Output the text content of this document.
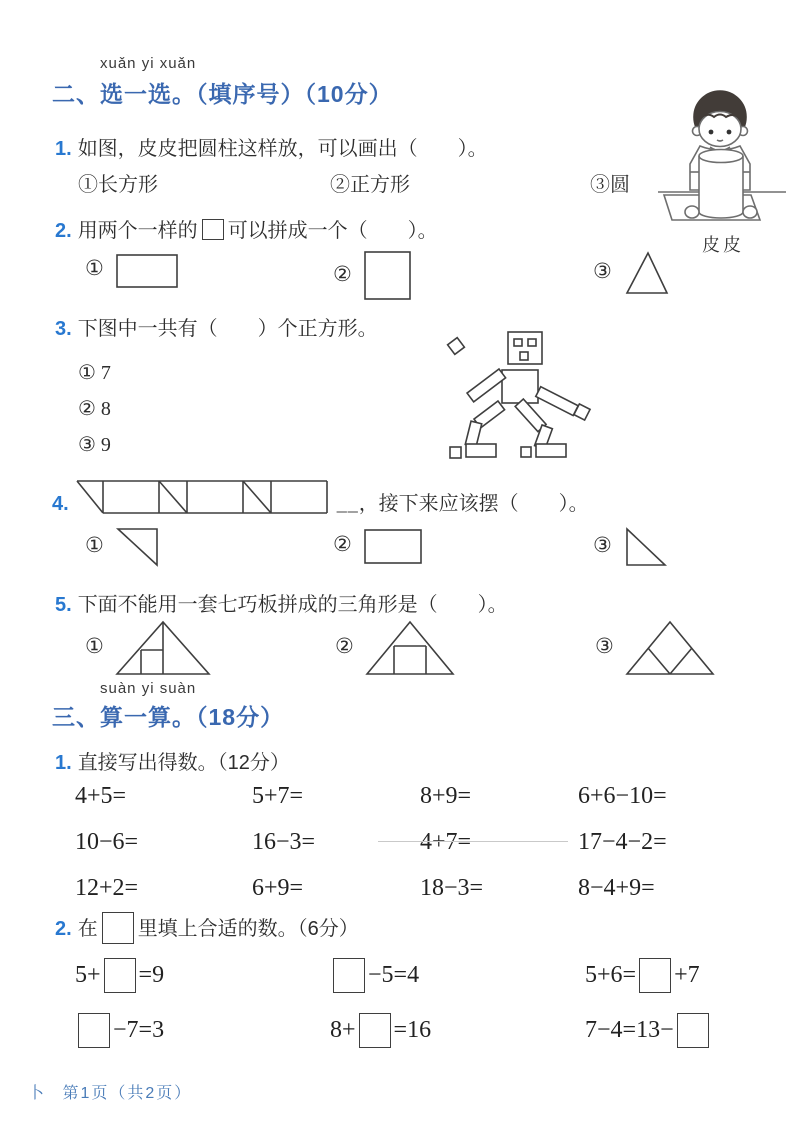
xuǎn yi xuǎn
二、选一选。（填序号）（10分）
1. 如图，皮皮把圆柱这样放，可以画出（　　）。
①长方形	②正方形	③圆
皮皮
2. 用两个一样的 可以拼成一个（　　）。
①	②	③
3. 下图中一共有（　　）个正方形。
① 7
② 8
③ 9
4.	__ ，接下来应该摆（　　）。
①	②	③
5. 下面不能用一套七巧板拼成的三角形是（　　）。
①	②	③
suàn yi suàn
三、算一算。（18分）
1. 直接写出得数。（12分）
4+5=	5+7=	8+9=	6+6−10=
10−6=	16−3=	4+7=	17−4−2=
12+2=	6+9=	18−3=	8−4+9=
2. 在 里填上合适的数。（6分）
5+ =9	−5=4	5+6= +7
−7=3	8+ =16	7−4=13−
卜 第1页（共2页）
